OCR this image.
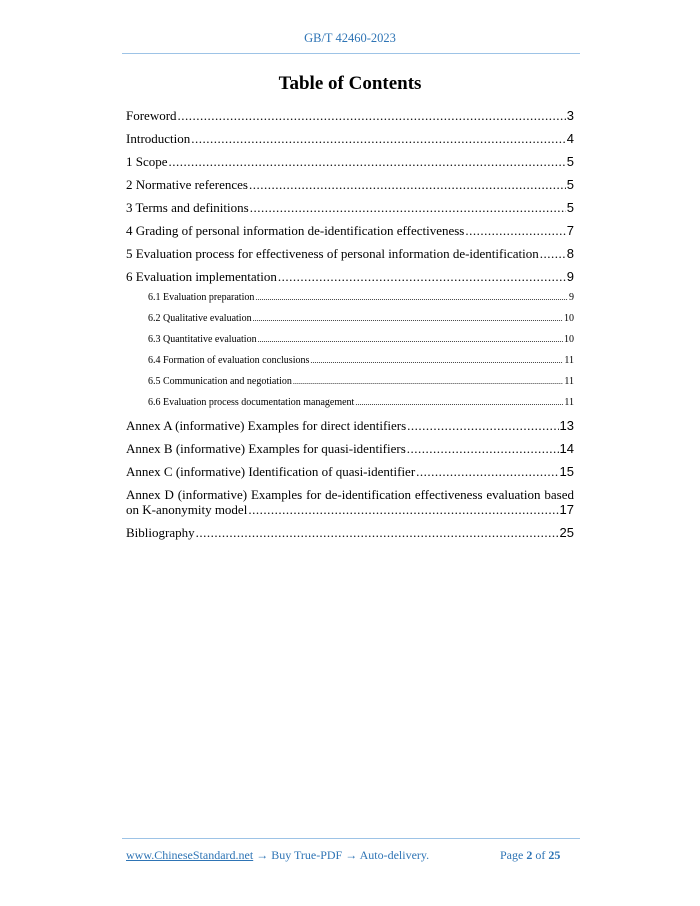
GB/T 42460-2023
Table of Contents
Foreword .....	3
Introduction .....	4
1 Scope .....	5
2 Normative references .....	5
3 Terms and definitions .....	5
4 Grading of personal information de-identification effectiveness .....	7
5 Evaluation process for effectiveness of personal information de-identification ..... 8
6 Evaluation implementation .....	9
6.1 Evaluation preparation .....	9
6.2 Qualitative evaluation .....	10
6.3 Quantitative evaluation .....	10
6.4 Formation of evaluation conclusions .....	11
6.5 Communication and negotiation .....	11
6.6 Evaluation process documentation management .....	11
Annex A (informative) Examples for direct identifiers .....	13
Annex B (informative) Examples for quasi-identifiers .....	14
Annex C (informative) Identification of quasi-identifier .....	15
Annex D (informative) Examples for de-identification effectiveness evaluation based
on K-anonymity model .....	17
Bibliography .....	25
www.ChineseStandard.net → Buy True-PDF → Auto-delivery.	Page 2 of 25
